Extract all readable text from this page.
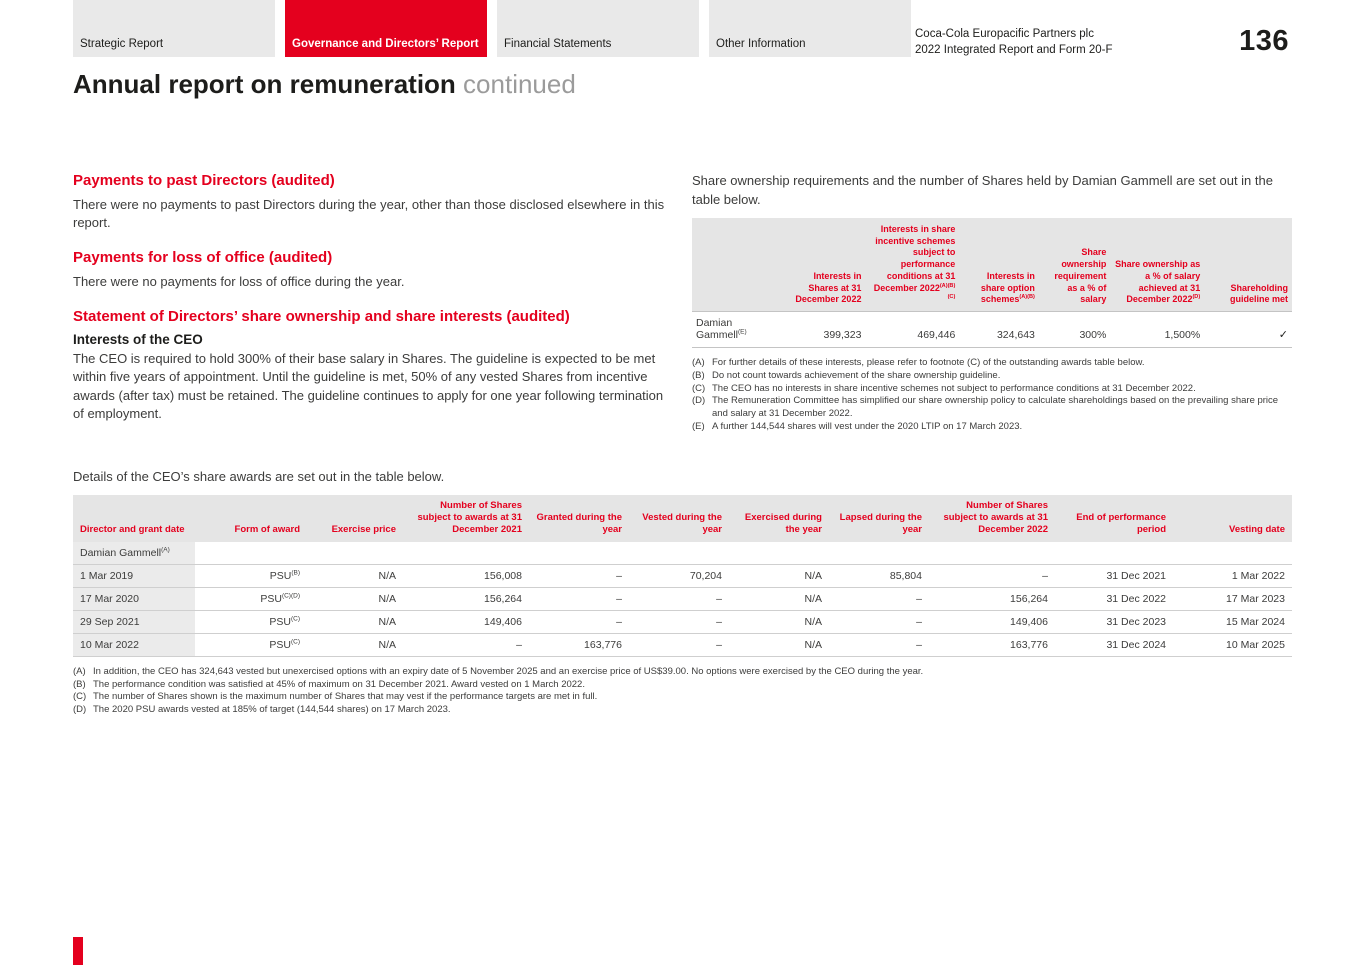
Strategic Report	Governance and Directors’ Report Financial Statements	Other Information
Coca-Cola Europacific Partners plc
2022 Integrated Report and Form 20-F	136
Annual report on remuneration continued
Payments to past Directors (audited)

There were no payments to past Directors during the year, other than those disclosed elsewhere in this report.

Payments for loss of office (audited)

There were no payments for loss of office during the year.

Statement of Directors’ share ownership and share interests (audited)
Interests of the CEO

The CEO is required to hold 300% of their base salary in Shares. The guideline is expected to be met within five years of appointment. Until the guideline is met, 50% of any vested Shares from incentive awards (after tax) must be retained. The guideline continues to apply for one year following termination of employment.

Share ownership requirements and the number of Shares held by Damian Gammell are set out in the table below.

	Interests in Shares at 31 December 2022	Interests in share incentive schemes subject to performance conditions at 31 December $2022^{(A)(B)(C)}$	Interests in share option schemes$^{(A)(B)}$	Share ownership requirement as a % of salary	Share ownership as a % of salary achieved at 31 December $2022^{(D)}$	Shareholding guideline met
Damian Gammell$^{(E)}$	399,323	469,446	324,643	300%	1,500%	✓
(A) For further details of these interests, please refer to footnote (C) of the outstanding awards table below.
(B) Do not count towards achievement of the share ownership guideline.
(C) The CEO has no interests in share incentive schemes not subject to performance conditions at 31 December 2022.
(D) The Remuneration Committee has simplified our share ownership policy to calculate shareholdings based on the prevailing share price and salary at 31 December 2022.
(E) A further 144,544 shares will vest under the 2020 LTIP on 17 March 2023.

Details of the CEO’s share awards are set out in the table below.

Director and grant date	Form of award	Exercise price	Number of Shares subject to awards at 31 December 2021	Granted during the year	Vested during the year	Exercised during the year	Lapsed during the year	Number of Shares subject to awards at 31 December 2022	End of performance period	Vesting date
Damian Gammell$^{(A)}$	
1 Mar 2019	$PSU^{(B)}$	N/A	156,008	–	70,204	N/A	85,804	–	31 Dec 2021	1 Mar 2022
17 Mar 2020	$PSU^{(C)(D)}$	N/A	156,264	–	–	N/A	–	156,264	31 Dec 2022	17 Mar 2023
29 Sep 2021	$PSU^{(C)}$	N/A	149,406	–	–	N/A	–	149,406	31 Dec 2023	15 Mar 2024
10 Mar 2022	$PSU^{(C)}$	N/A	–	163,776	–	N/A	–	163,776	31 Dec 2024	10 Mar 2025
(A) In addition, the CEO has 324,643 vested but unexercised options with an expiry date of 5 November 2025 and an exercise price of US$39.00. No options were exercised by the CEO during the year.
(B) The performance condition was satisfied at 45% of maximum on 31 December 2021. Award vested on 1 March 2022.
(C) The number of Shares shown is the maximum number of Shares that may vest if the performance targets are met in full.
(D) The 2020 PSU awards vested at 185% of target (144,544 shares) on 17 March 2023.
